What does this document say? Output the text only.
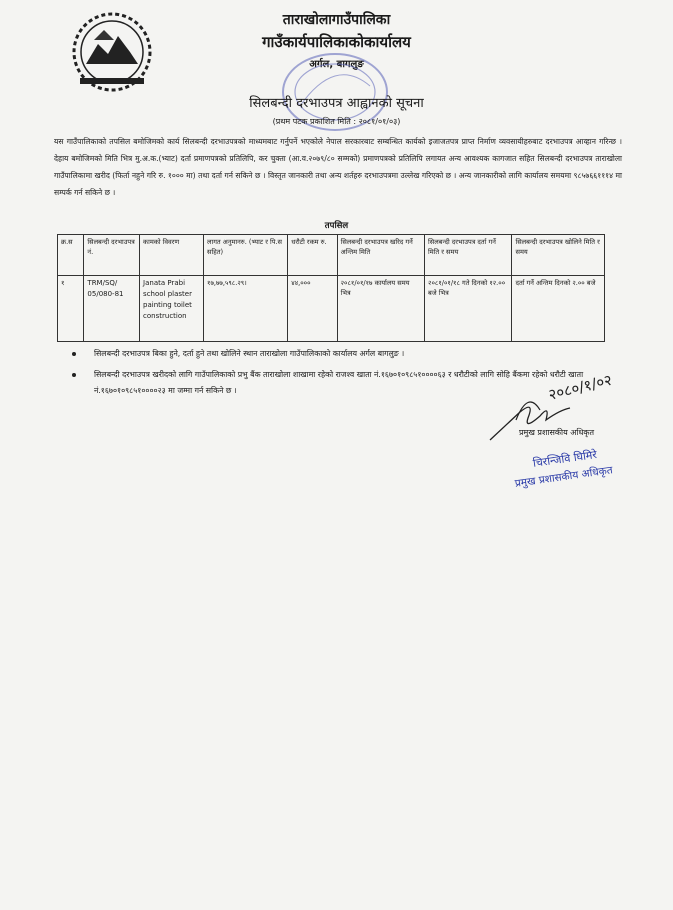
ताराखोलागाउँपालिका
गाउँकार्यपालिकाकोकार्यालय
अर्गल, बागलुङ
सिलबन्दी दरभाउपत्र आह्वानको सूचना
(प्रथम पटक प्रकाशित मिति : २०८१/०१/०३)
यस गाउँपालिकाको तपसिल बमोजिमको कार्य सिलबन्दी दरभाउपत्रको माध्यमबाट गर्नुपर्ने भएकोले नेपाल सरकारबाट सम्बन्धित कार्यको इजाजतपत्र प्राप्त निर्माण व्यवसायीहरुबाट दरभाउपत्र आव्हान गरिन्छ । देहाय बमोजिमको मिति भित्र मु.अ.क.(भ्याट) दर्ता प्रमाणपत्रको प्रतिलिपि, कर चुक्ता (आ.व.२०७९/८० सम्मको) प्रमाणपत्रको प्रतिलिपि लगायत अन्य आवश्यक कागजात सहित सिलबन्दी दरभाउपत्र ताराखोला गाउँपालिकामा खरीद (फिर्ता नहुने गरि रु. १००० मा) तथा दर्ता गर्न सकिने छ । विस्तृत जानकारी तथा अन्य शर्तहरु दरभाउपत्रमा उल्लेख गरिएको छ । अन्य जानकारीको लागि कार्यालय समयमा ९८५७६६१११४ मा सम्पर्क गर्न सकिने छ ।
तपसिल
क्र.स	सिलबन्दी दरभाउपत्र नं.	कामको विवरण	लागत अनुमानरु. (भ्याट र पि.स सहित)	धरौटी रकम रु.	सिलबन्दी दरभाउपत्र खरिद गर्ने अन्तिम मिति	सिलबन्दी दरभाउपत्र दर्ता गर्ने मिति र समय	सिलबन्दी दरभाउपत्र खोलिने मिति र समय
१	TRM/SQ/ 05/080-81	Janata Prabi school plaster painting toilet construction	१७,७७,५९८.२९।	४४,०००	२०८१/०१/१७ कार्यालय समय भित्र	२०८१/०१/१८ गते दिनको १२.०० बजे भित्र	दर्ता गर्ने अन्तिम दिनको २.०० बजे
सिलबन्दी दरभाउपत्र बिका हुने, दर्ता हुने तथा खोलिने स्थान ताराखोला गाउँपालिकाको कार्यालय अर्गल बागलुङ ।
सिलबन्दी दरभाउपत्र खरीदको लागि गाउँपालिकाको प्रभु बैंक ताराखोला शाखामा रहेको राजश्व खाता नं.१६७०१०९८५१००००६३ र धरौटीको लागि सोहि बैंकमा रहेको धरौटी खाता नं.१६७०१०९८५१००००२३ मा जम्मा गर्न सकिने छ ।	२०८०/१/०२
प्रमुख प्रशासकीय अधिकृत
चिरन्जिवि घिमिरे
प्रमुख प्रशासकीय अधिकृत
